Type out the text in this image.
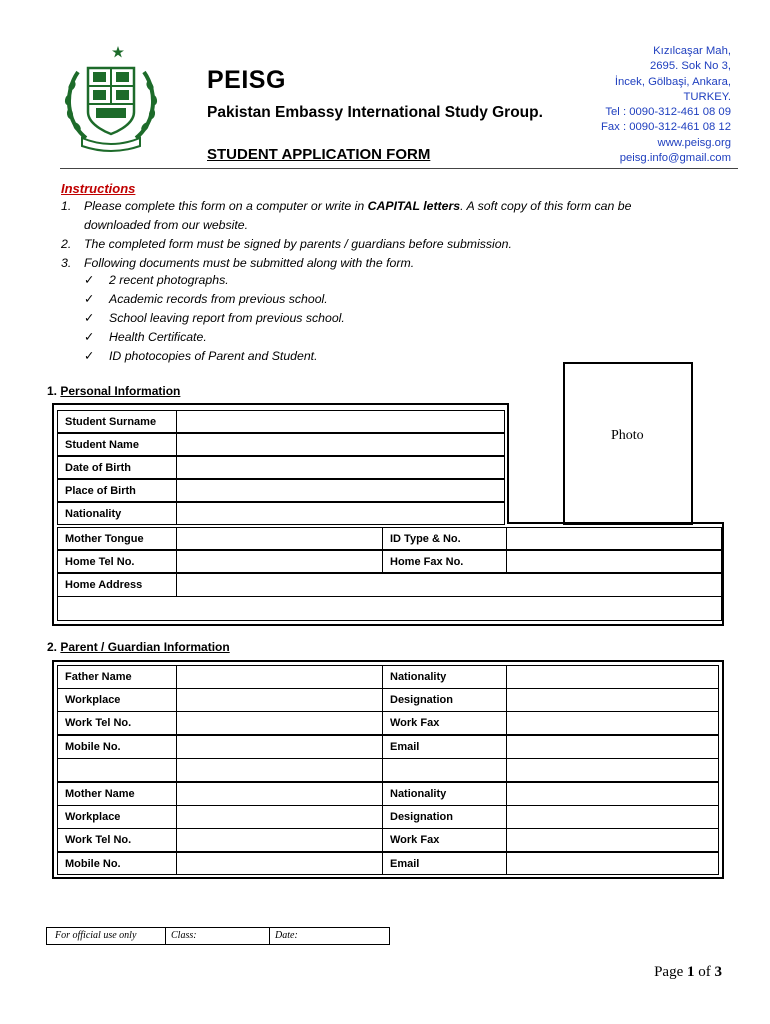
PEISG
Pakistan Embassy International Study Group.
STUDENT APPLICATION FORM
Kızılcaşar Mah,
2695. Sok No 3,
İncek, Gölbaşi, Ankara,
TURKEY.
Tel : 0090-312-461 08 09
Fax : 0090-312-461 08 12
www.peisg.org
peisg.info@gmail.com
Instructions
1. Please complete this form on a computer or write in CAPITAL letters. A soft copy of this form can be downloaded from our website.
2. The completed form must be signed by parents / guardians before submission.
3. Following documents must be submitted along with the form.
✓ 2 recent photographs.
✓ Academic records from previous school.
✓ School leaving report from previous school.
✓ Health Certificate.
✓ ID photocopies of Parent and Student.
1. Personal Information
Photo
Student Surname
Student Name
Date of Birth
Place of Birth
Nationality
Mother Tongue	ID Type & No.
Home Tel No.	Home Fax No.
Home Address
2. Parent / Guardian Information
Father Name	Nationality
Workplace	Designation
Work Tel No.	Work Fax
Mobile No.	Email
Mother Name	Nationality
Workplace	Designation
Work Tel No.	Work Fax
Mobile No.	Email
For official use only	Class:	Date:
Page 1 of 3
